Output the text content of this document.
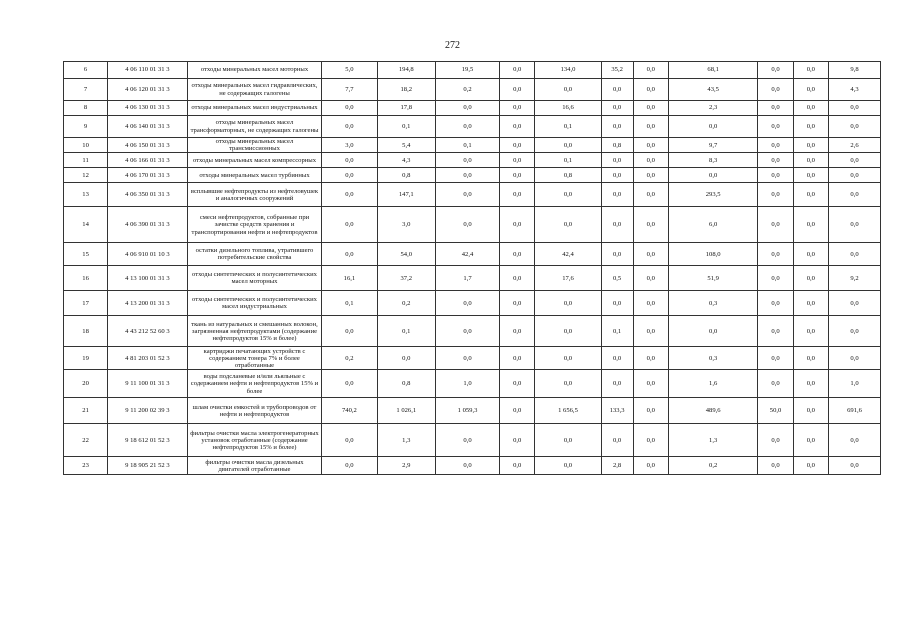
272
6	4 06 110 01 31 3	отходы минеральных масел моторных	5,0	194,8	19,5	0,0	134,0	35,2	0,0	68,1	0,0	0,0	9,8
7	4 06 120 01 31 3	отходы минеральных масел гидравлических, не содержащих галогены	7,7	18,2	0,2	0,0	0,0	0,0	0,0	43,5	0,0	0,0	4,3
8	4 06 130 01 31 3	отходы минеральных масел индустриальных	0,0	17,8	0,0	0,0	16,6	0,0	0,0	2,3	0,0	0,0	0,0
9	4 06 140 01 31 3	отходы минеральных масел трансформаторных, не содержащих галогены	0,0	0,1	0,0	0,0	0,1	0,0	0,0	0,0	0,0	0,0	0,0
10	4 06 150 01 31 3	отходы минеральных масел трансмиссионных	3,0	5,4	0,1	0,0	0,0	0,8	0,0	9,7	0,0	0,0	2,6
11	4 06 166 01 31 3	отходы минеральных масел компрессорных	0,0	4,3	0,0	0,0	0,1	0,0	0,0	8,3	0,0	0,0	0,0
12	4 06 170 01 31 3	отходы минеральных масел турбинных	0,0	0,8	0,0	0,0	0,8	0,0	0,0	0,0	0,0	0,0	0,0
13	4 06 350 01 31 3	всплывшие нефтепродукты из нефтеловушек и аналогичных сооружений	0,0	147,1	0,0	0,0	0,0	0,0	0,0	293,5	0,0	0,0	0,0
14	4 06 390 01 31 3	смеси нефтепродуктов, собранные при зачистке средств хранения и транспортирования нефти и нефтепродуктов	0,0	3,0	0,0	0,0	0,0	0,0	0,0	6,0	0,0	0,0	0,0
15	4 06 910 01 10 3	остатки дизельного топлива, утратившего потребительские свойства	0,0	54,0	42,4	0,0	42,4	0,0	0,0	108,0	0,0	0,0	0,0
16	4 13 100 01 31 3	отходы синтетических и полусинтетических масел моторных	16,1	37,2	1,7	0,0	17,6	0,5	0,0	51,9	0,0	0,0	9,2
17	4 13 200 01 31 3	отходы синтетических и полусинтетических масел индустриальных	0,1	0,2	0,0	0,0	0,0	0,0	0,0	0,3	0,0	0,0	0,0
18	4 43 212 52 60 3	ткань из натуральных и смешанных волокон, загрязненная нефтепродуктами (содержание нефтепродуктов 15% и более)	0,0	0,1	0,0	0,0	0,0	0,1	0,0	0,0	0,0	0,0	0,0
19	4 81 203 01 52 3	картриджи печатающих устройств с содержанием тонера 7% и более отработанные	0,2	0,0	0,0	0,0	0,0	0,0	0,0	0,3	0,0	0,0	0,0
20	9 11 100 01 31 3	воды подсланевые и/или льяльные с содержанием нефти и нефтепродуктов 15% и более	0,0	0,8	1,0	0,0	0,0	0,0	0,0	1,6	0,0	0,0	1,0
21	9 11 200 02 39 3	шлам очистки емкостей и трубопроводов от нефти и нефтепродуктов	740,2	1 026,1	1 059,3	0,0	1 656,5	133,3	0,0	489,6	50,0	0,0	691,6
22	9 18 612 01 52 3	фильтры очистки масла электрогенераторных установок отработанные (содержание нефтепродуктов 15% и более)	0,0	1,3	0,0	0,0	0,0	0,0	0,0	1,3	0,0	0,0	0,0
23	9 18 905 21 52 3	фильтры очистки масла дизельных двигателей отработанные	0,0	2,9	0,0	0,0	0,0	2,8	0,0	0,2	0,0	0,0	0,0
